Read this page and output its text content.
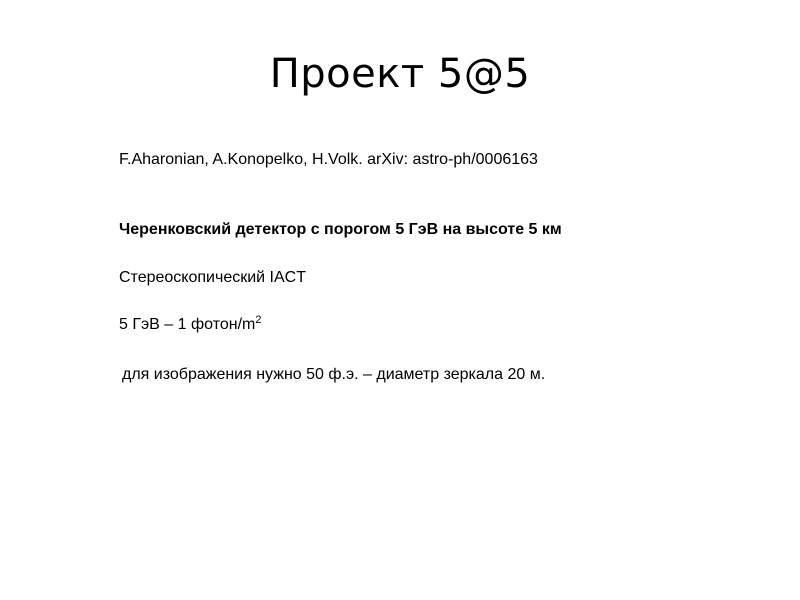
Проект 5@5

F.Aharonian, A.Konopelko, H.Volk. arXiv: astro-ph/0006163

Черенковский детектор с порогом 5 ГэВ на высоте 5 км

Стереоскопический IACT

5 ГэВ – 1 фотон/$m^2$

для изображения нужно 50 ф.э. – диаметр зеркала 20 м.
